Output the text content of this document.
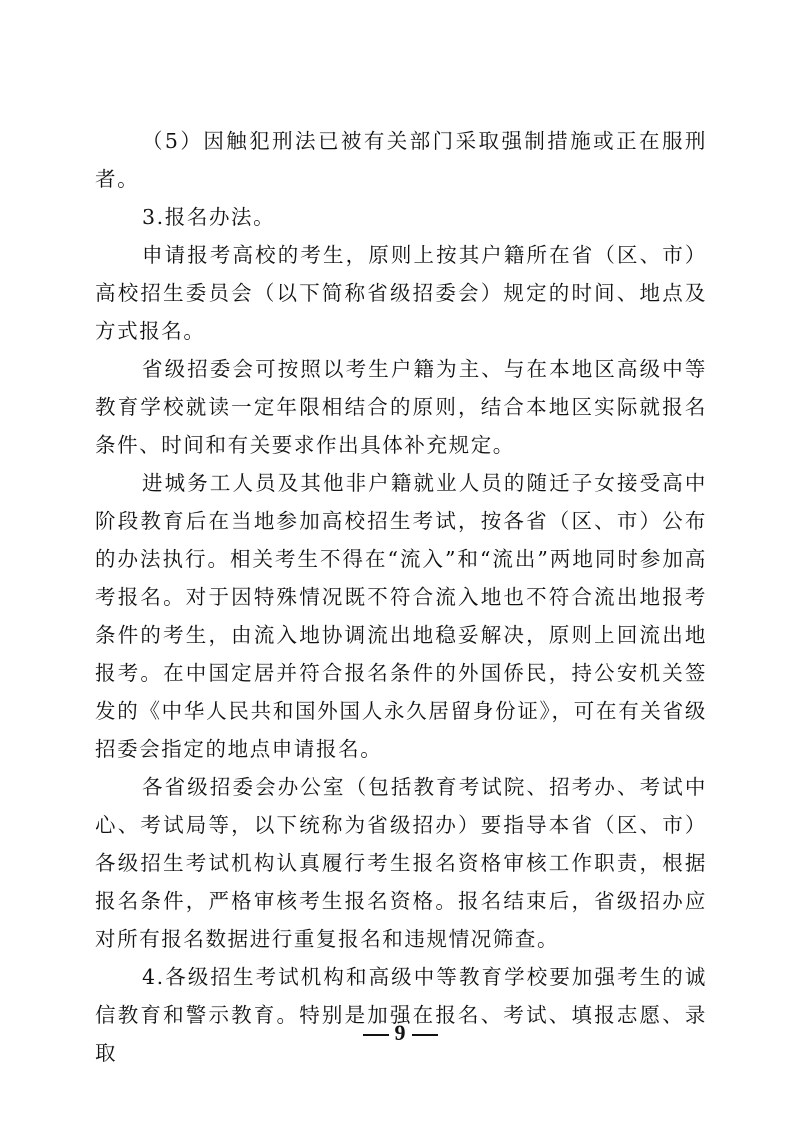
（5）因触犯刑法已被有关部门采取强制措施或正在服刑者。

3.报名办法。

申请报考高校的考生，原则上按其户籍所在省（区、市）高校招生委员会（以下简称省级招委会）规定的时间、地点及方式报名。

省级招委会可按照以考生户籍为主、与在本地区高级中等教育学校就读一定年限相结合的原则，结合本地区实际就报名条件、时间和有关要求作出具体补充规定。

进城务工人员及其他非户籍就业人员的随迁子女接受高中阶段教育后在当地参加高校招生考试，按各省（区、市）公布的办法执行。相关考生不得在“流入”和“流出”两地同时参加高考报名。对于因特殊情况既不符合流入地也不符合流出地报考条件的考生，由流入地协调流出地稳妥解决，原则上回流出地报考。在中国定居并符合报名条件的外国侨民，持公安机关签发的《中华人民共和国外国人永久居留身份证》，可在有关省级招委会指定的地点申请报名。

各省级招委会办公室（包括教育考试院、招考办、考试中心、考试局等，以下统称为省级招办）要指导本省（区、市）各级招生考试机构认真履行考生报名资格审核工作职责，根据报名条件，严格审核考生报名资格。报名结束后，省级招办应对所有报名数据进行重复报名和违规情况筛查。

4.各级招生考试机构和高级中等教育学校要加强考生的诚信教育和警示教育。特别是加强在报名、考试、填报志愿、录取

9
